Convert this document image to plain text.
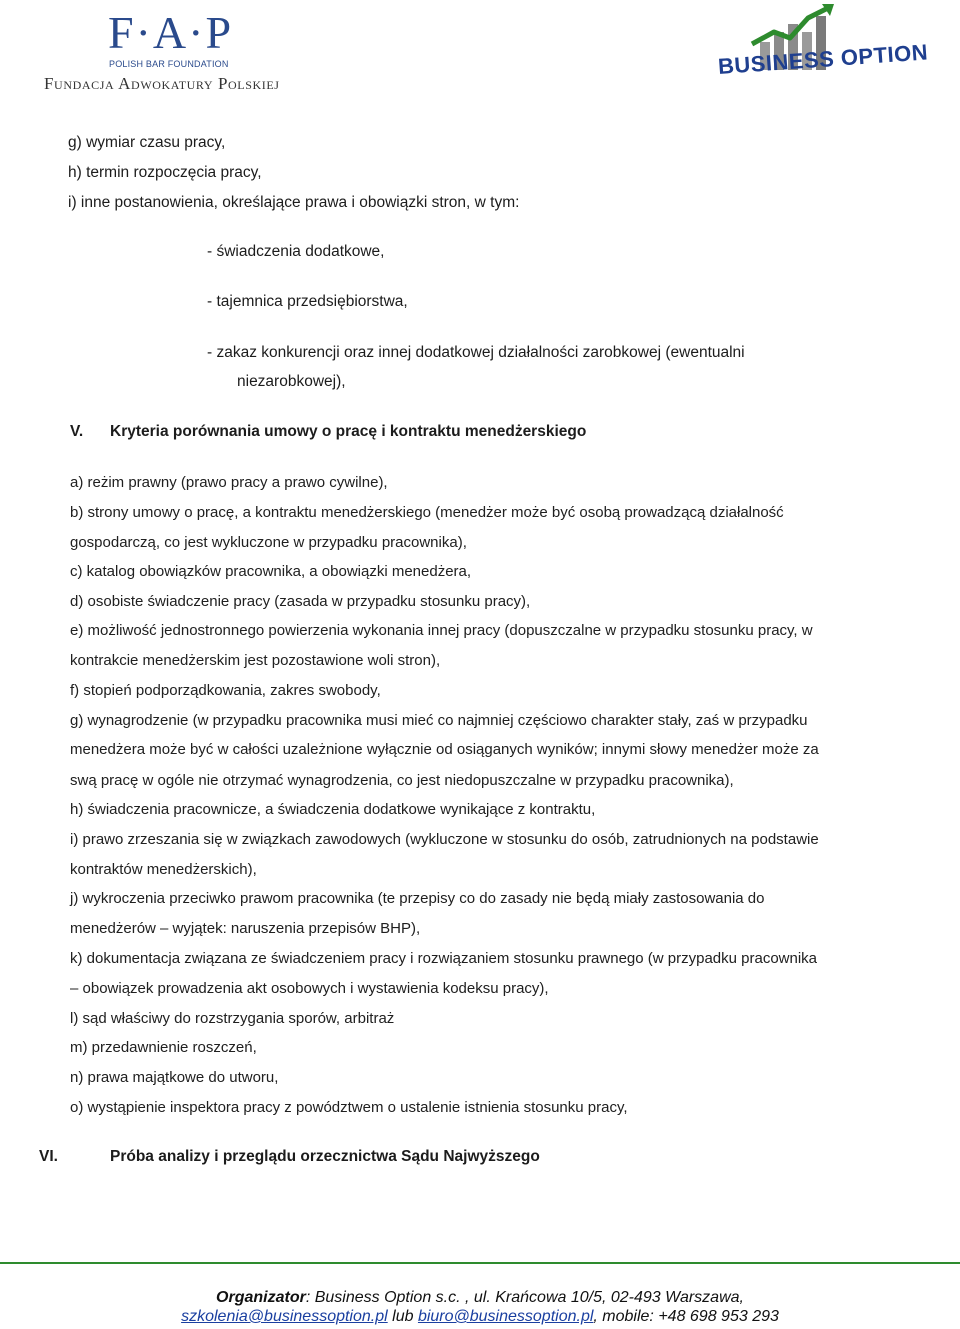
F·A·P
POLISH BAR FOUNDATION
Fundacja Adwokatury Polskiej
BUSINESS OPTION
g) wymiar czasu pracy,
h) termin rozpoczęcia pracy,
i) inne postanowienia, określające prawa i obowiązki stron, w tym:
- świadczenia dodatkowe,
- tajemnica przedsiębiorstwa,
- zakaz konkurencji oraz innej dodatkowej działalności zarobkowej (ewentualni
niezarobkowej),
V. Kryteria porównania umowy o pracę i kontraktu menedżerskiego
a) reżim prawny (prawo pracy a prawo cywilne),
b) strony umowy o pracę, a kontraktu menedżerskiego (menedżer może być osobą prowadzącą działalność
gospodarczą, co jest wykluczone w przypadku pracownika),
c) katalog obowiązków pracownika, a obowiązki menedżera,
d) osobiste świadczenie pracy (zasada w przypadku stosunku pracy),
e) możliwość jednostronnego powierzenia wykonania innej pracy (dopuszczalne w przypadku stosunku pracy, w
kontrakcie menedżerskim jest pozostawione woli stron),
f) stopień podporządkowania, zakres swobody,
g) wynagrodzenie (w przypadku pracownika musi mieć co najmniej częściowo charakter stały, zaś w przypadku
menedżera może być w całości uzależnione wyłącznie od osiąganych wyników; innymi słowy menedżer może za
swą pracę w ogóle nie otrzymać wynagrodzenia, co jest niedopuszczalne w przypadku pracownika),
h) świadczenia pracownicze, a świadczenia dodatkowe wynikające z kontraktu,
i) prawo zrzeszania się w związkach zawodowych (wykluczone w stosunku do osób, zatrudnionych na podstawie
kontraktów menedżerskich),
j) wykroczenia przeciwko prawom pracownika (te przepisy co do zasady nie będą miały zastosowania do
menedżerów – wyjątek: naruszenia przepisów BHP),
k) dokumentacja związana ze świadczeniem pracy i rozwiązaniem stosunku prawnego (w przypadku pracownika
– obowiązek prowadzenia akt osobowych i wystawienia kodeksu pracy),
l) sąd właściwy do rozstrzygania sporów, arbitraż
m) przedawnienie roszczeń,
n) prawa majątkowe do utworu,
o) wystąpienie inspektora pracy z powództwem o ustalenie istnienia stosunku pracy,
VI.	Próba analizy i przeglądu orzecznictwa Sądu Najwyższego
Organizator: Business Option s.c. , ul. Krańcowa 10/5, 02-493 Warszawa,
szkolenia@businessoption.pl lub biuro@businessoption.pl, mobile: +48 698 953 293
